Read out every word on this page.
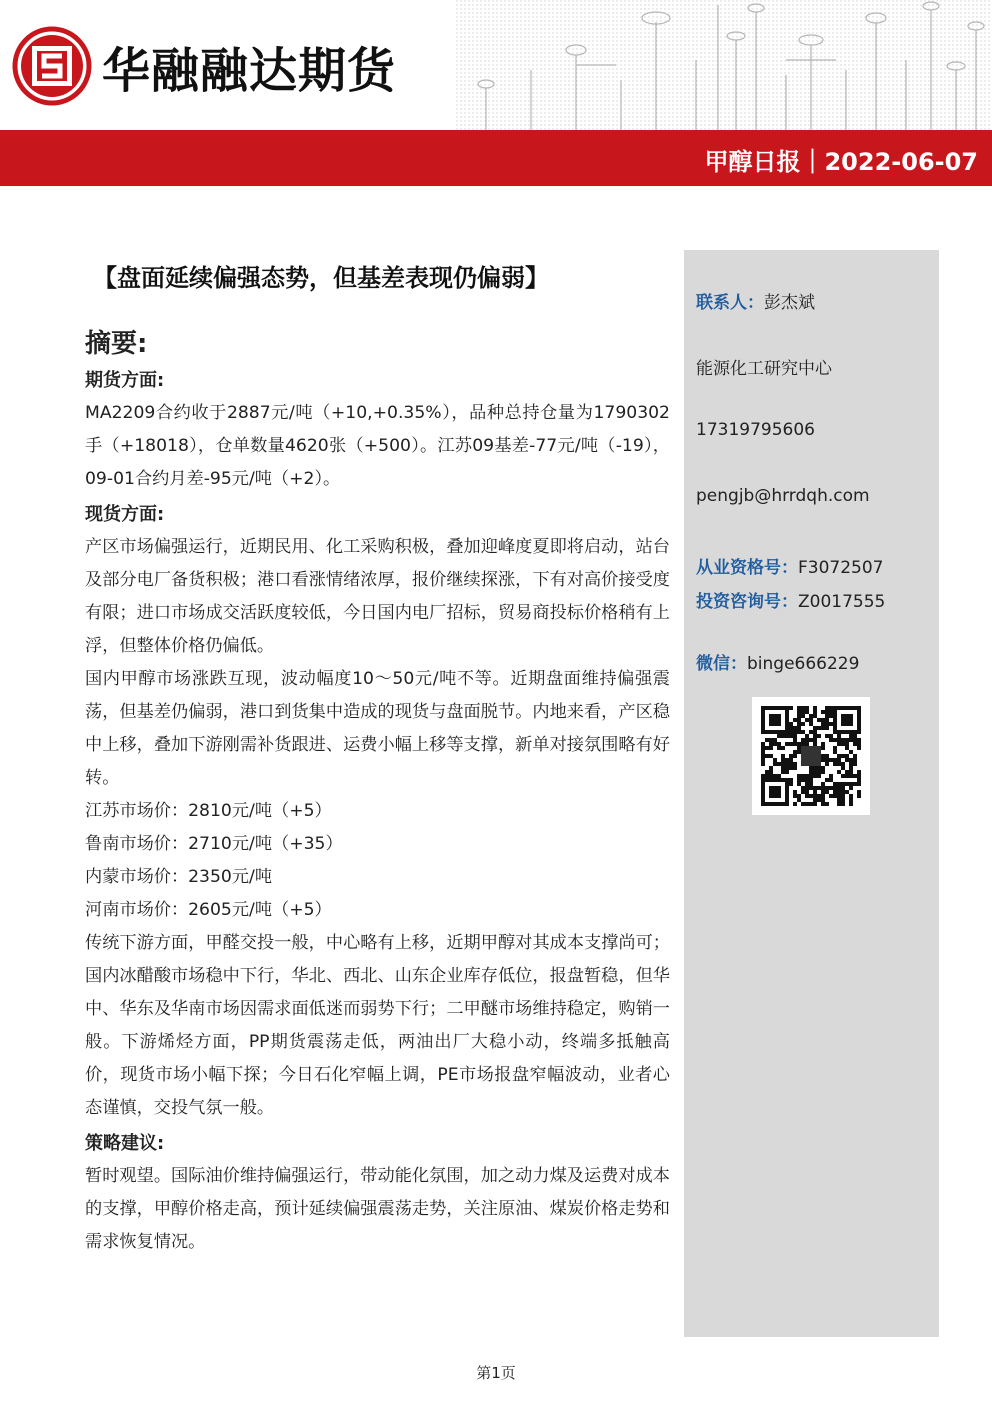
华融融达期货
甲醇日报｜2022-06-07
【盘面延续偏强态势，但基差表现仍偏弱】
摘要:
期货方面:
MA2209合约收于2887元/吨（+10,+0.35%），品种总持仓量为1790302手（+18018），仓单数量4620张（+500）。江苏09基差-77元/吨（-19），09-01合约月差-95元/吨（+2）。
现货方面:
产区市场偏强运行，近期民用、化工采购积极，叠加迎峰度夏即将启动，站台及部分电厂备货积极；港口看涨情绪浓厚，报价继续探涨，下有对高价接受度有限；进口市场成交活跃度较低，今日国内电厂招标，贸易商投标价格稍有上浮，但整体价格仍偏低。
国内甲醇市场涨跌互现，波动幅度10～50元/吨不等。近期盘面维持偏强震荡，但基差仍偏弱，港口到货集中造成的现货与盘面脱节。内地来看，产区稳中上移，叠加下游刚需补货跟进、运费小幅上移等支撑，新单对接氛围略有好转。
江苏市场价：2810元/吨（+5）
鲁南市场价：2710元/吨（+35）
内蒙市场价：2350元/吨
河南市场价：2605元/吨（+5）
传统下游方面，甲醛交投一般，中心略有上移，近期甲醇对其成本支撑尚可；国内冰醋酸市场稳中下行，华北、西北、山东企业库存低位，报盘暂稳，但华中、华东及华南市场因需求面低迷而弱势下行；二甲醚市场维持稳定，购销一般。下游烯烃方面，PP期货震荡走低，两油出厂大稳小动，终端多抵触高价，现货市场小幅下探；今日石化窄幅上调，PE市场报盘窄幅波动，业者心态谨慎，交投气氛一般。
策略建议:
暂时观望。国际油价维持偏强运行，带动能化氛围，加之动力煤及运费对成本的支撑，甲醇价格走高，预计延续偏强震荡走势，关注原油、煤炭价格走势和需求恢复情况。
联系人：彭杰斌
能源化工研究中心
17319795606
pengjb@hrrdqh.com
从业资格号：F3072507
投资咨询号：Z0017555
微信：binge666229
第1页
